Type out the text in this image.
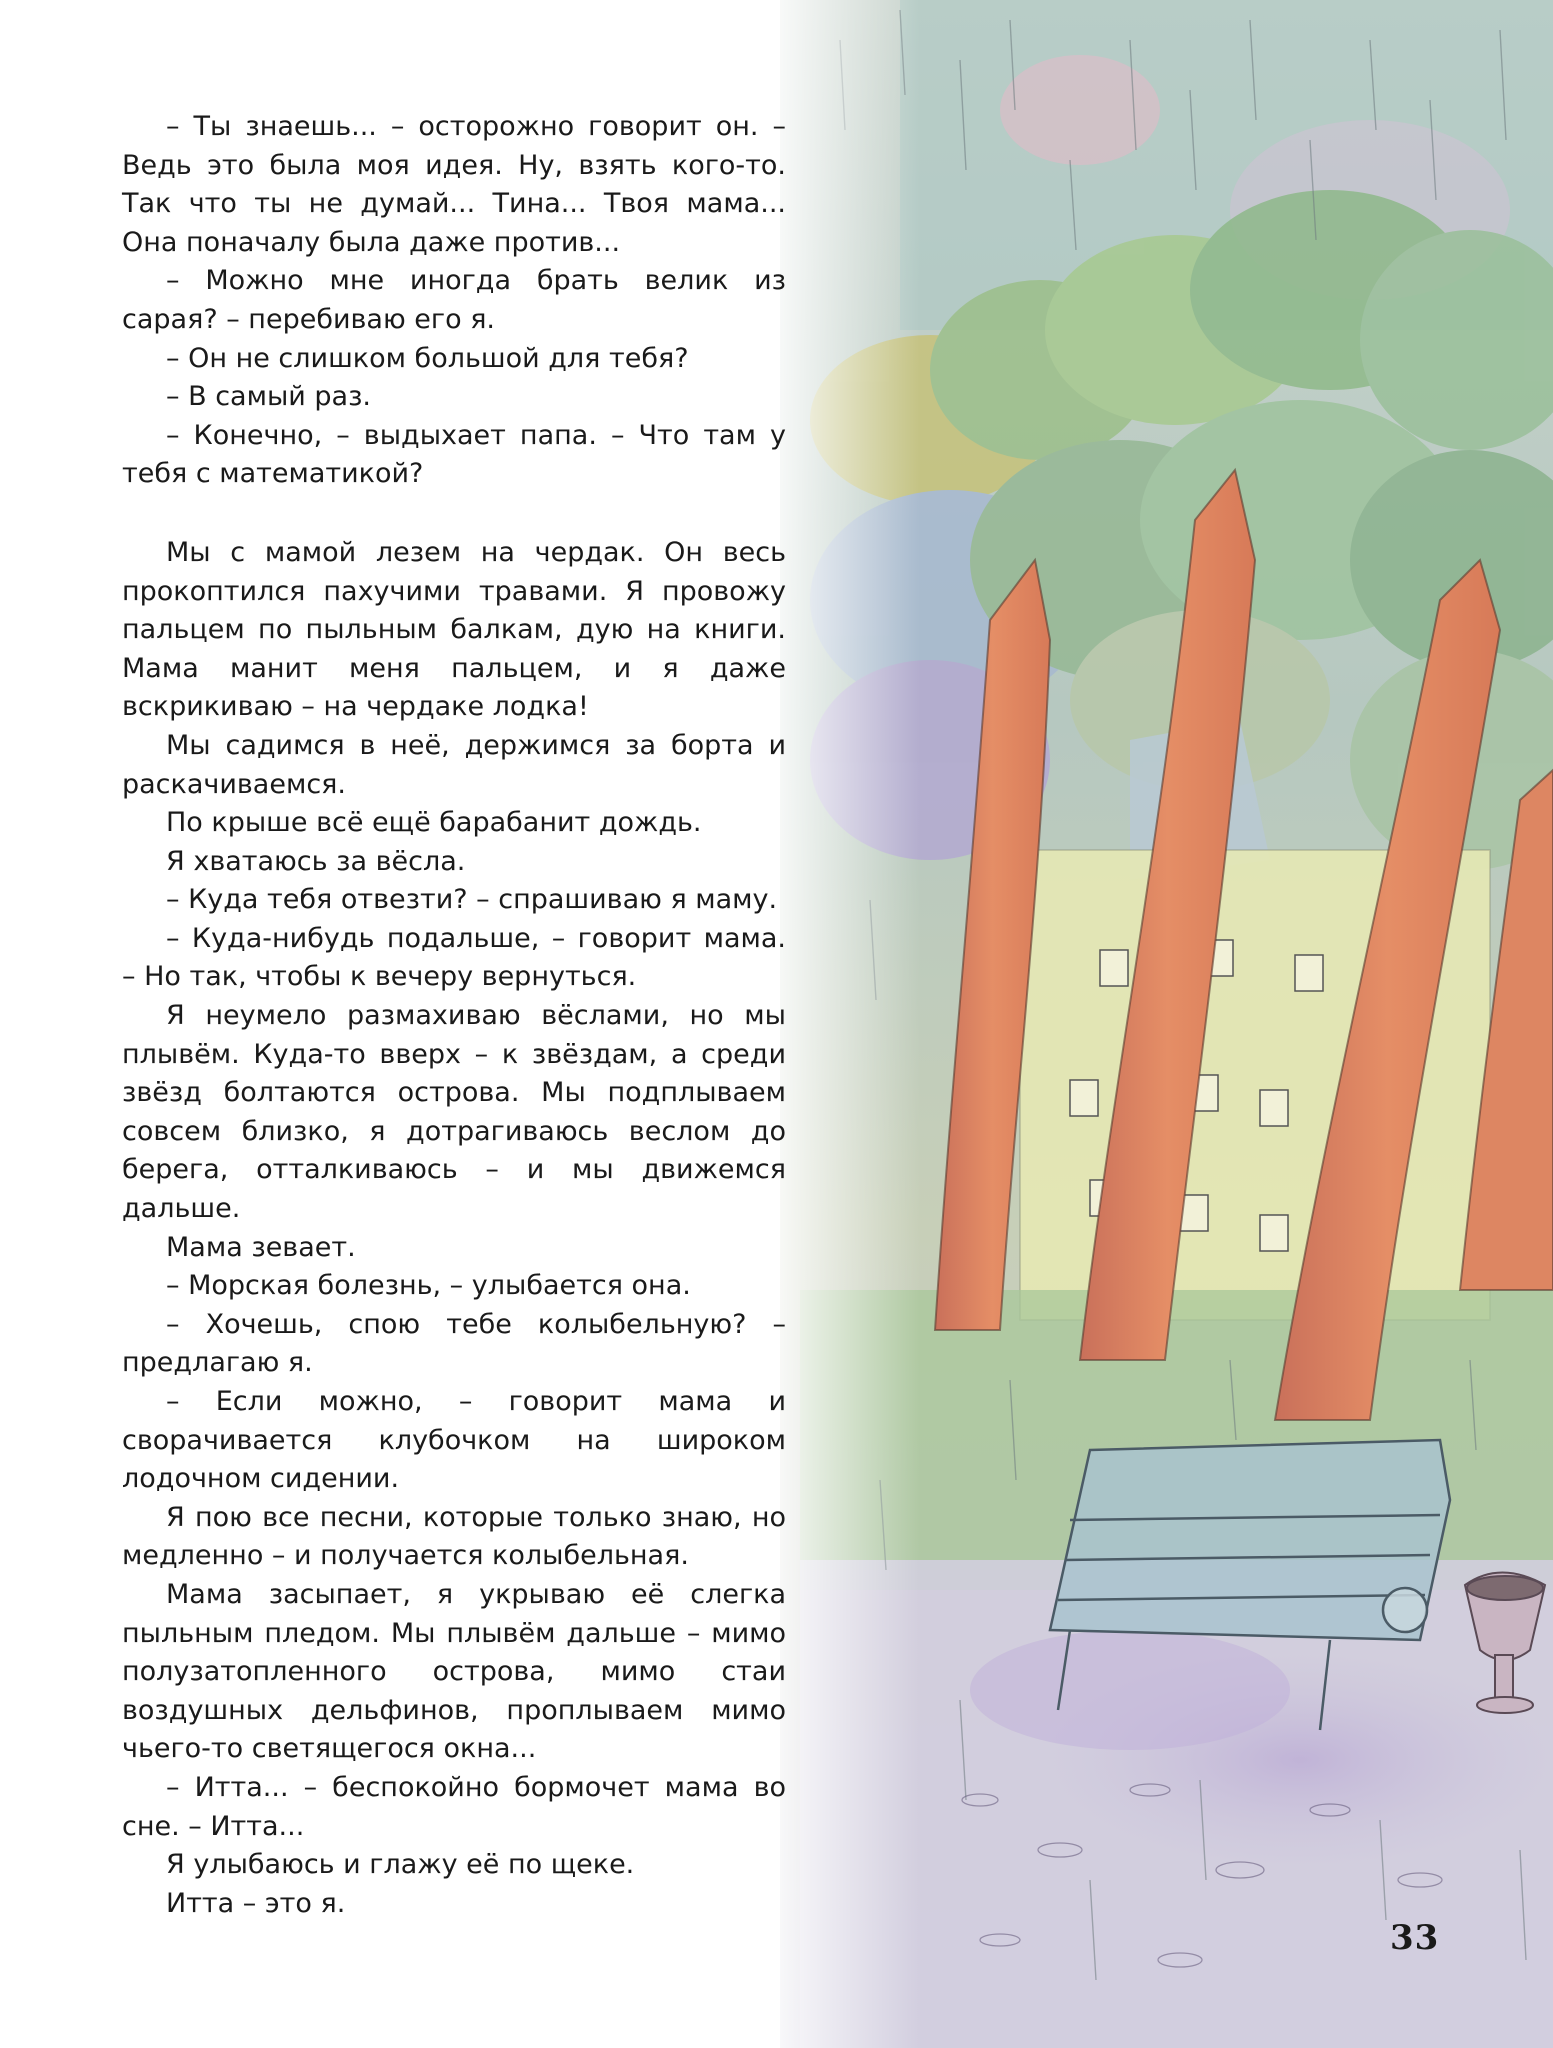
– Ты знаешь... – осторожно говорит он. – Ведь это была моя идея. Ну, взять кого-то. Так что ты не думай... Тина... Твоя мама... Она поначалу была даже против...

– Можно мне иногда брать велик из сарая? – перебиваю его я.

– Он не слишком большой для тебя?

– В самый раз.

– Конечно, – выдыхает папа. – Что там у тебя с математикой?

Мы с мамой лезем на чердак. Он весь прокоптился пахучими травами. Я провожу пальцем по пыльным балкам, дую на книги. Мама манит меня пальцем, и я даже вскрикиваю – на чердаке лодка!

Мы садимся в неё, держимся за борта и раскачиваемся.

По крыше всё ещё барабанит дождь.

Я хватаюсь за вёсла.

– Куда тебя отвезти? – спрашиваю я маму.

– Куда-нибудь подальше, – говорит мама. – Но так, чтобы к вечеру вернуться.

Я неумело размахиваю вёслами, но мы плывём. Куда-то вверх – к звёздам, а среди звёзд болтаются острова. Мы подплываем совсем близко, я дотрагиваюсь веслом до берега, отталкиваюсь – и мы движемся дальше.

Мама зевает.

– Морская болезнь, – улыбается она.

– Хочешь, спою тебе колыбельную? – предлагаю я.

– Если можно, – говорит мама и сворачивается клубочком на широком лодочном сидении.

Я пою все песни, которые только знаю, но медленно – и получается колыбельная.

Мама засыпает, я укрываю её слегка пыльным пледом. Мы плывём дальше – мимо полузатопленного острова, мимо стаи воздушных дельфинов, проплываем мимо чьего-то светящегося окна...

– Итта... – беспокойно бормочет мама во сне. – Итта...

Я улыбаюсь и глажу её по щеке.

Итта – это я.

33
